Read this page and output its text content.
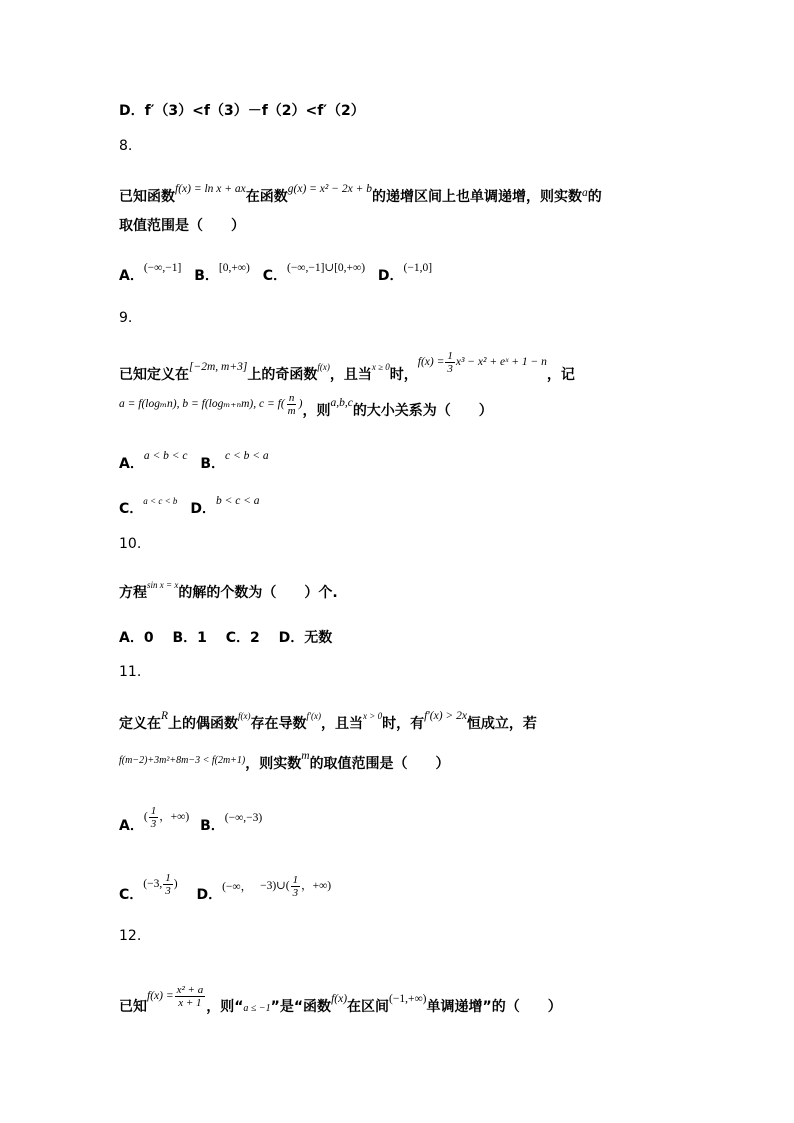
D．f′（3）<f（3）－f（2）<f′（2）
8.
已知函数f(x) = ln x + ax在函数g(x) = x² − 2x + b的递增区间上也单调递增，则实数a的
取值范围是（　　）
A．(−∞,−1] B．[0,+∞) C．(−∞,−1]∪[0,+∞) D．(−1,0]
9.
已知定义在[−2m, m+3]上的奇函数f(x)，且当x ≥ 0时，$f(x) = \frac{1}{3} x^3 - x^2$ + eˣ + 1 − n，记
a = f(logₘn), b = f(logₘ₊ₙm), $c = f( \frac{n}{m}$ )，则a,b,c的大小关系为（　　）
A．a < b < c B．c < b < a
C．a < c < b D．b < c < a
10.
方程sin x = x的解的个数为（　　）个.
A．0　 B．1　 C．2　 D．无数
11.
定义在R上的偶函数f(x)存在导数f′(x)，且当x > 0时，有f′(x) > 2x恒成立，若
f(m−2)+3m²+8m−3 < f(2m+1)，则实数m的取值范围是（　　）
A．( $\frac{1}{3}$ ，+∞) B．(−∞,−3)
C．(−3, $\frac{1}{3}$ ) D．(−∞， −3)∪( $\frac{1}{3}$ ，+∞)
12.
已知$f(x) = \frac{\text{x² + a}}{x + 1}$ ，则“a ≤ −1”是“函数f(x)在区间(−1,+∞)单调递增”的（　　）
